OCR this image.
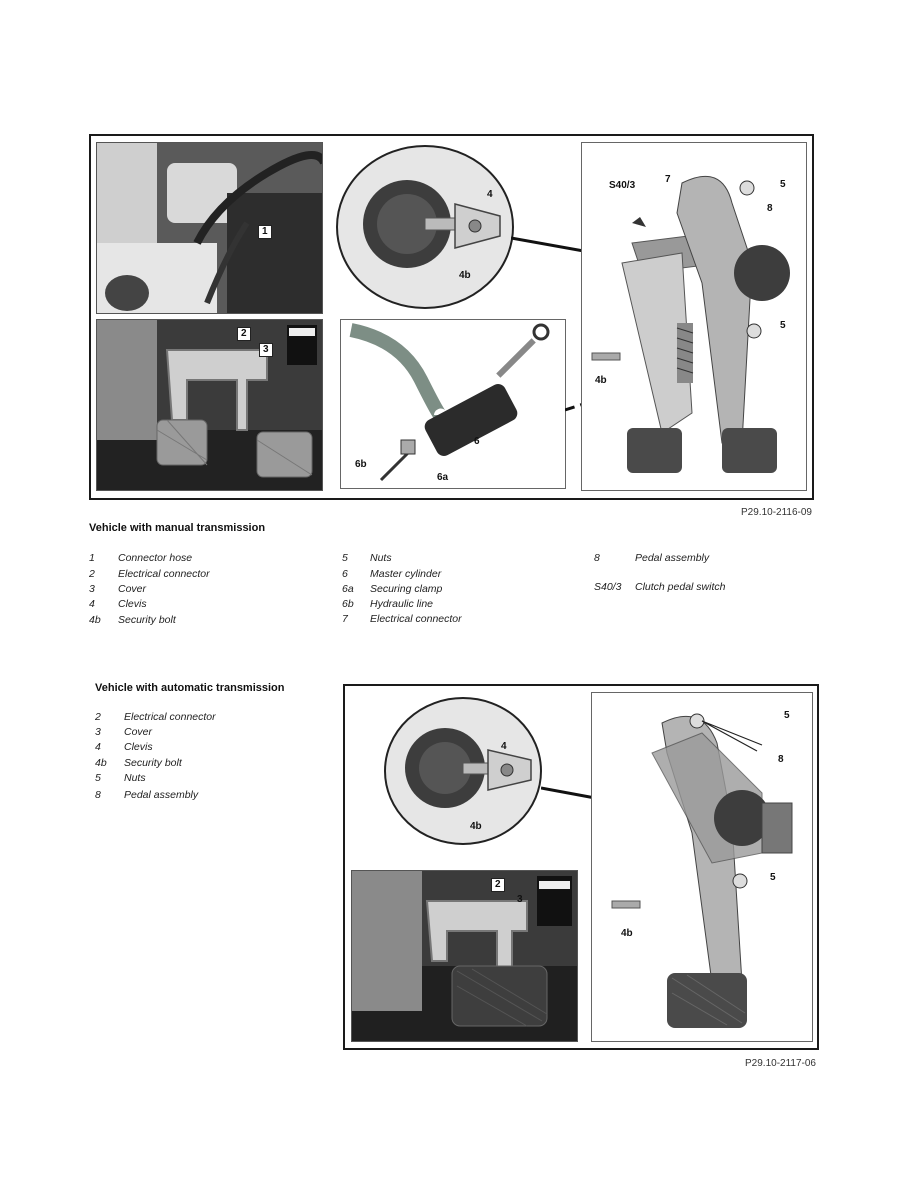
1
2
3
4
4b
6
6a
6b
S40/3
7
8
5
5
4b
P29.10-2116-09
Vehicle with manual transmission
1 Connector hose
2 Electrical connector
3 Cover
4 Clevis
4b Security bolt
5 Nuts
6 Master cylinder
6a Securing clamp
6b Hydraulic line
7 Electrical connector
8	Pedal assembly
S40/3 Clutch pedal switch
Vehicle with automatic transmission
2 Electrical connector
3 Cover
4 Clevis
4b Security bolt
5 Nuts
8 Pedal assembly
4
4b
2
3
5
8
5
4b
P29.10-2117-06
